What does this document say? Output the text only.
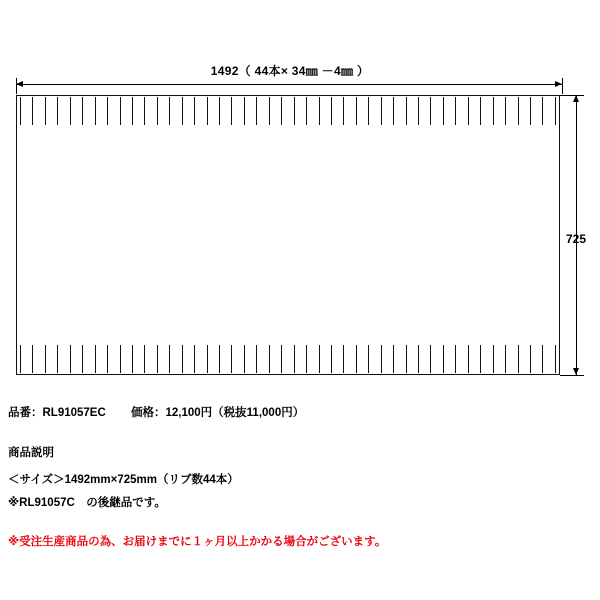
1492（ 44本× 34㎜ －4㎜ ）
725
品番：RL91057EC 価格：12,100円（税抜11,000円）
商品説明
＜サイズ＞1492mm×725mm（リブ数44本）
※RL91057C　の後継品です。
※受注生産商品の為、お届けまでに１ヶ月以上かかる場合がございます。
